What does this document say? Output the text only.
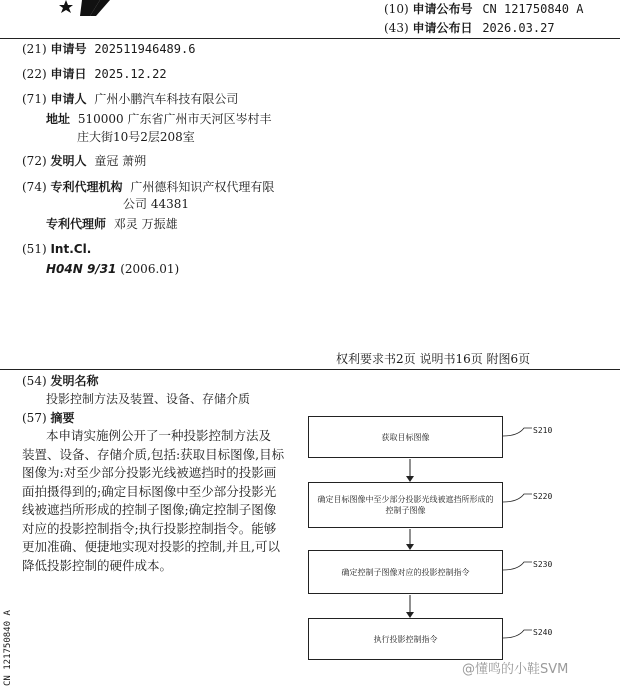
(10) 申请公布号 CN 121750840 A
(43) 申请公布日 2026.03.27
(21) 申请号 202511946489.6
(22) 申请日 2025.12.22
(71) 申请人 广州小鹏汽车科技有限公司
地址 510000 广东省广州市天河区岑村丰
庄大街10号2层208室
(72) 发明人 童冠 萧朔
(74) 专利代理机构 广州德科知识产权代理有限
公司 44381
专利代理师 邓灵 万振雄
(51) Int.Cl.
H04N 9/31 (2006.01)
权利要求书2页 说明书16页 附图6页
(54) 发明名称
投影控制方法及装置、设备、存储介质
(57) 摘要
本申请实施例公开了一种投影控制方法及
装置、设备、存储介质,包括:获取目标图像,目标
图像为:对至少部分投影光线被遮挡时的投影画
面拍摄得到的;确定目标图像中至少部分投影光
线被遮挡所形成的控制子图像;确定控制子图像
对应的投影控制指令;执行投影控制指令。能够
更加准确、便捷地实现对投影的控制,并且,可以
降低投影控制的硬件成本。
获取目标图像
S210
确定目标图像中至少部分投影光线被遮挡所形成的控制子图像
S220
确定控制子图像对应的投影控制指令
S230
执行投影控制指令
S240
CN 121750840 A	@懂鸣的小鞋SVM
